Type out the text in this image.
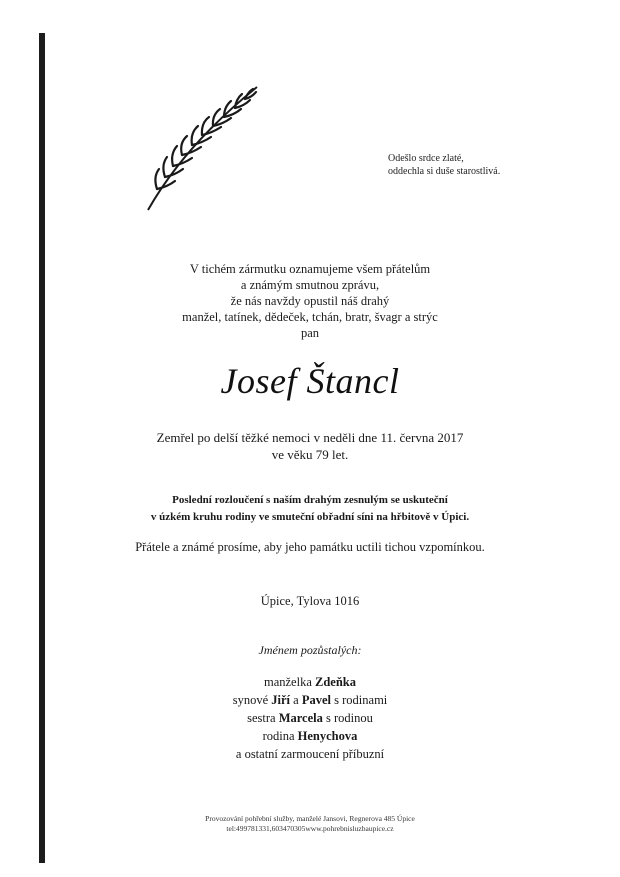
Odešlo srdce zlaté,
oddechla si duše starostlivá.
V tichém zármutku oznamujeme všem přátelům
a známým smutnou zprávu,
že nás navždy opustil náš drahý
manžel, tatínek, dědeček, tchán, bratr, švagr a strýc
pan
Josef Štancl
Zemřel po delší těžké nemoci v neděli dne 11. června 2017
ve věku 79 let.
Poslední rozloučení s naším drahým zesnulým se uskuteční
v úzkém kruhu rodiny ve smuteční obřadní síni na hřbitově v Úpici.
Přátele a známé prosíme, aby jeho památku uctili tichou vzpomínkou.
Úpice, Tylova 1016
Jménem pozůstalých:
manželka Zdeňka
synové Jiří a Pavel s rodinami
sestra Marcela s rodinou
rodina Henychova
a ostatní zarmoucení příbuzní
Provozování pohřební služby, manželé Jansovi, Regnerova 485 Úpice
tel:499781331,603470305www.pohrebnisluzbaupice.cz
